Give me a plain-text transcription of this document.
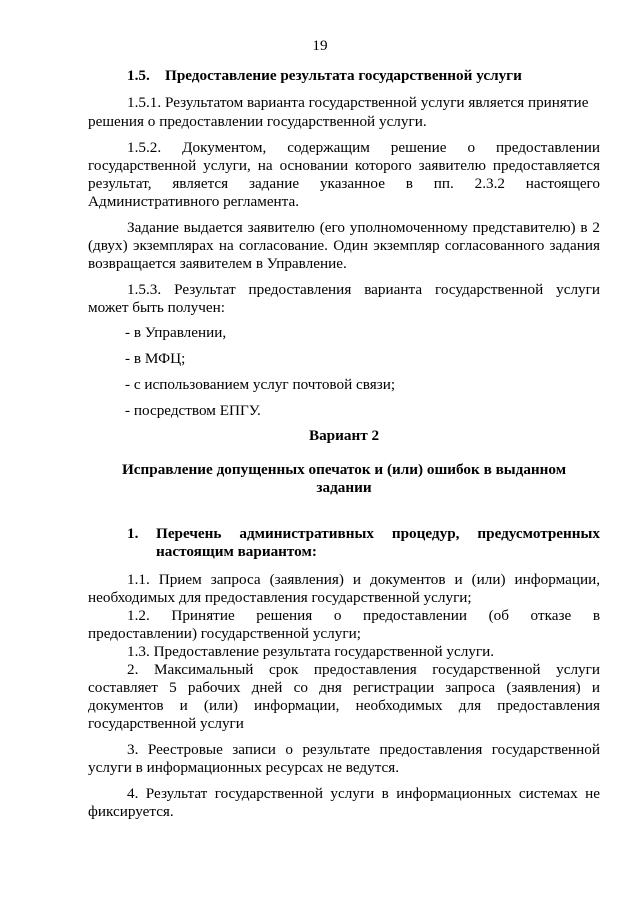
19
1.5. Предоставление результата государственной услуги
1.5.1. Результатом варианта государственной услуги является принятие
решения о предоставлении государственной услуги.
1.5.2. Документом, содержащим решение о предоставлении
государственной услуги, на основании которого заявителю предоставляется
результат, является задание указанное в пп. 2.3.2 настоящего
Административного регламента.
Задание выдается заявителю (его уполномоченному представителю) в 2
(двух) экземплярах на согласование. Один экземпляр согласованного задания
возвращается заявителем в Управление.
1.5.3. Результат предоставления варианта государственной услуги
может быть получен:
- в Управлении,
- в МФЦ;
- с использованием услуг почтовой связи;
- посредством ЕПГУ.
Вариант 2
Исправление допущенных опечаток и (или) ошибок в выданном
задании
1. Перечень административных процедур, предусмотренных
настоящим вариантом:
1.1. Прием запроса (заявления) и документов и (или) информации,
необходимых для предоставления государственной услуги;
1.2. Принятие решения о предоставлении (об отказе в
предоставлении) государственной услуги;
1.3. Предоставление результата государственной услуги.
2. Максимальный срок предоставления государственной услуги
составляет 5 рабочих дней со дня регистрации запроса (заявления) и
документов и (или) информации, необходимых для предоставления
государственной услуги
3. Реестровые записи о результате предоставления государственной
услуги в информационных ресурсах не ведутся.
4. Результат государственной услуги в информационных системах не
фиксируется.
